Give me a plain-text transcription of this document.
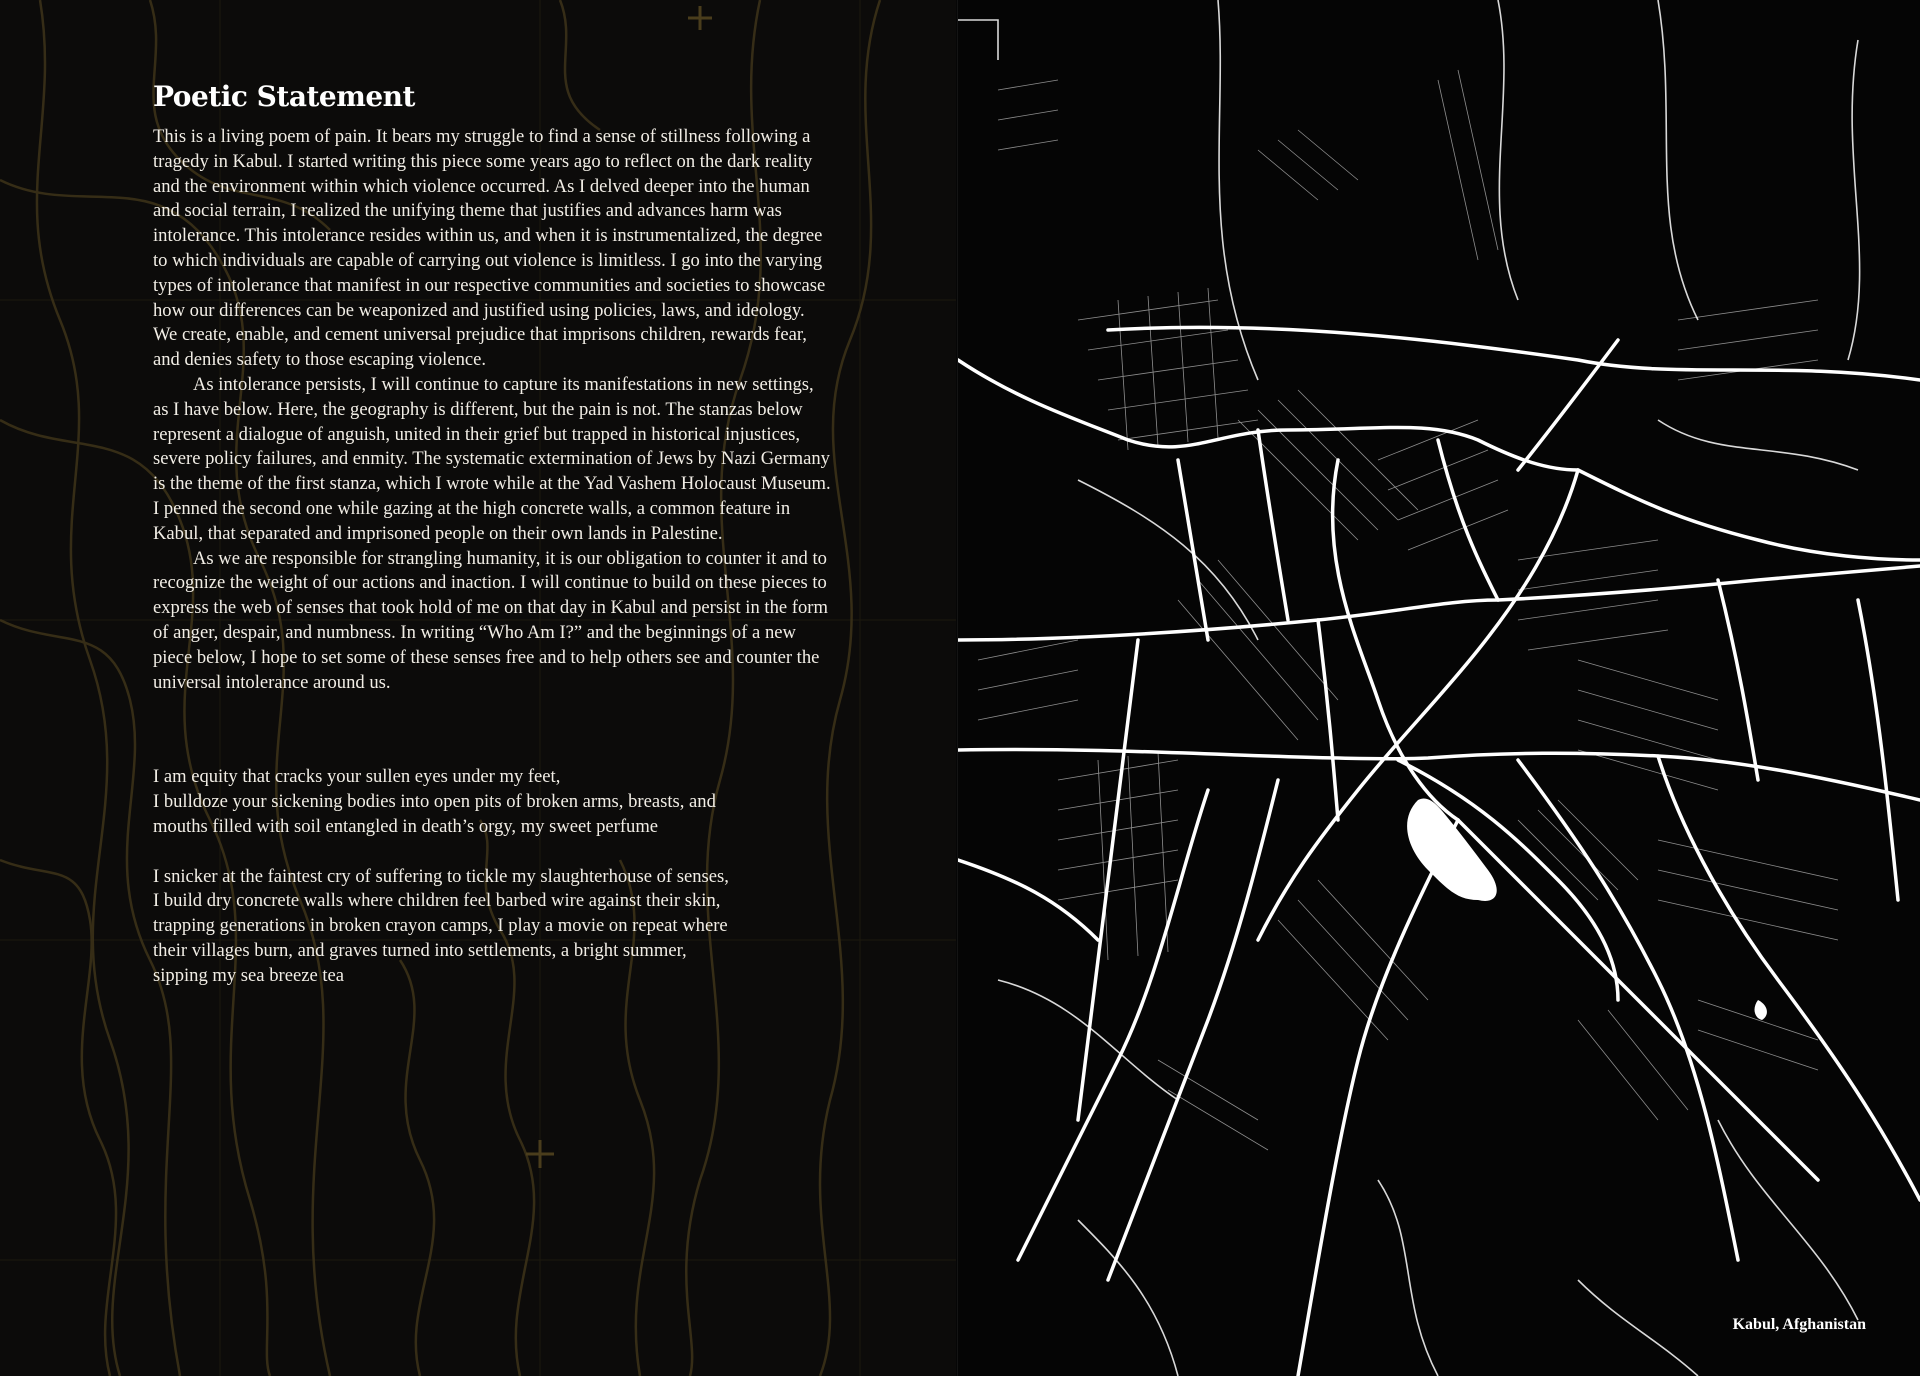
Poetic Statement

This is a living poem of pain. It bears my struggle to find a sense of stillness following a tragedy in Kabul. I started writing this piece some years ago to reflect on the dark reality and the environment within which violence occurred. As I delved deeper into the human and social terrain, I realized the unifying theme that justifies and advances harm was intolerance. This intolerance resides within us, and when it is instrumentalized, the degree to which individuals are capable of carrying out violence is limitless. I go into the varying types of intolerance that manifest in our respective communities and societies to showcase how our differences can be weaponized and justified using policies, laws, and ideology. We create, enable, and cement universal prejudice that imprisons children, rewards fear, and denies safety to those escaping violence.

As intolerance persists, I will continue to capture its manifestations in new settings, as I have below. Here, the geography is different, but the pain is not. The stanzas below represent a dialogue of anguish, united in their grief but trapped in historical injustices, severe policy failures, and enmity. The systematic extermination of Jews by Nazi Germany is the theme of the first stanza, which I wrote while at the Yad Vashem Holocaust Museum. I penned the second one while gazing at the high concrete walls, a common feature in Kabul, that separated and imprisoned people on their own lands in Palestine.

As we are responsible for strangling humanity, it is our obligation to counter it and to recognize the weight of our actions and inaction. I will continue to build on these pieces to express the web of senses that took hold of me on that day in Kabul and persist in the form of anger, despair, and numbness. In writing “Who Am I?” and the beginnings of a new piece below, I hope to set some of these senses free and to help others see and counter the universal intolerance around us.

I am equity that cracks your sullen eyes under my feet,

I bulldoze your sickening bodies into open pits of broken arms, breasts, and

mouths filled with soil entangled in death’s orgy, my sweet perfume

I snicker at the faintest cry of suffering to tickle my slaughterhouse of senses,

I build dry concrete walls where children feel barbed wire against their skin,

trapping generations in broken crayon camps, I play a movie on repeat where

their villages burn, and graves turned into settlements, a bright summer,

sipping my sea breeze tea

Kabul, Afghanistan
